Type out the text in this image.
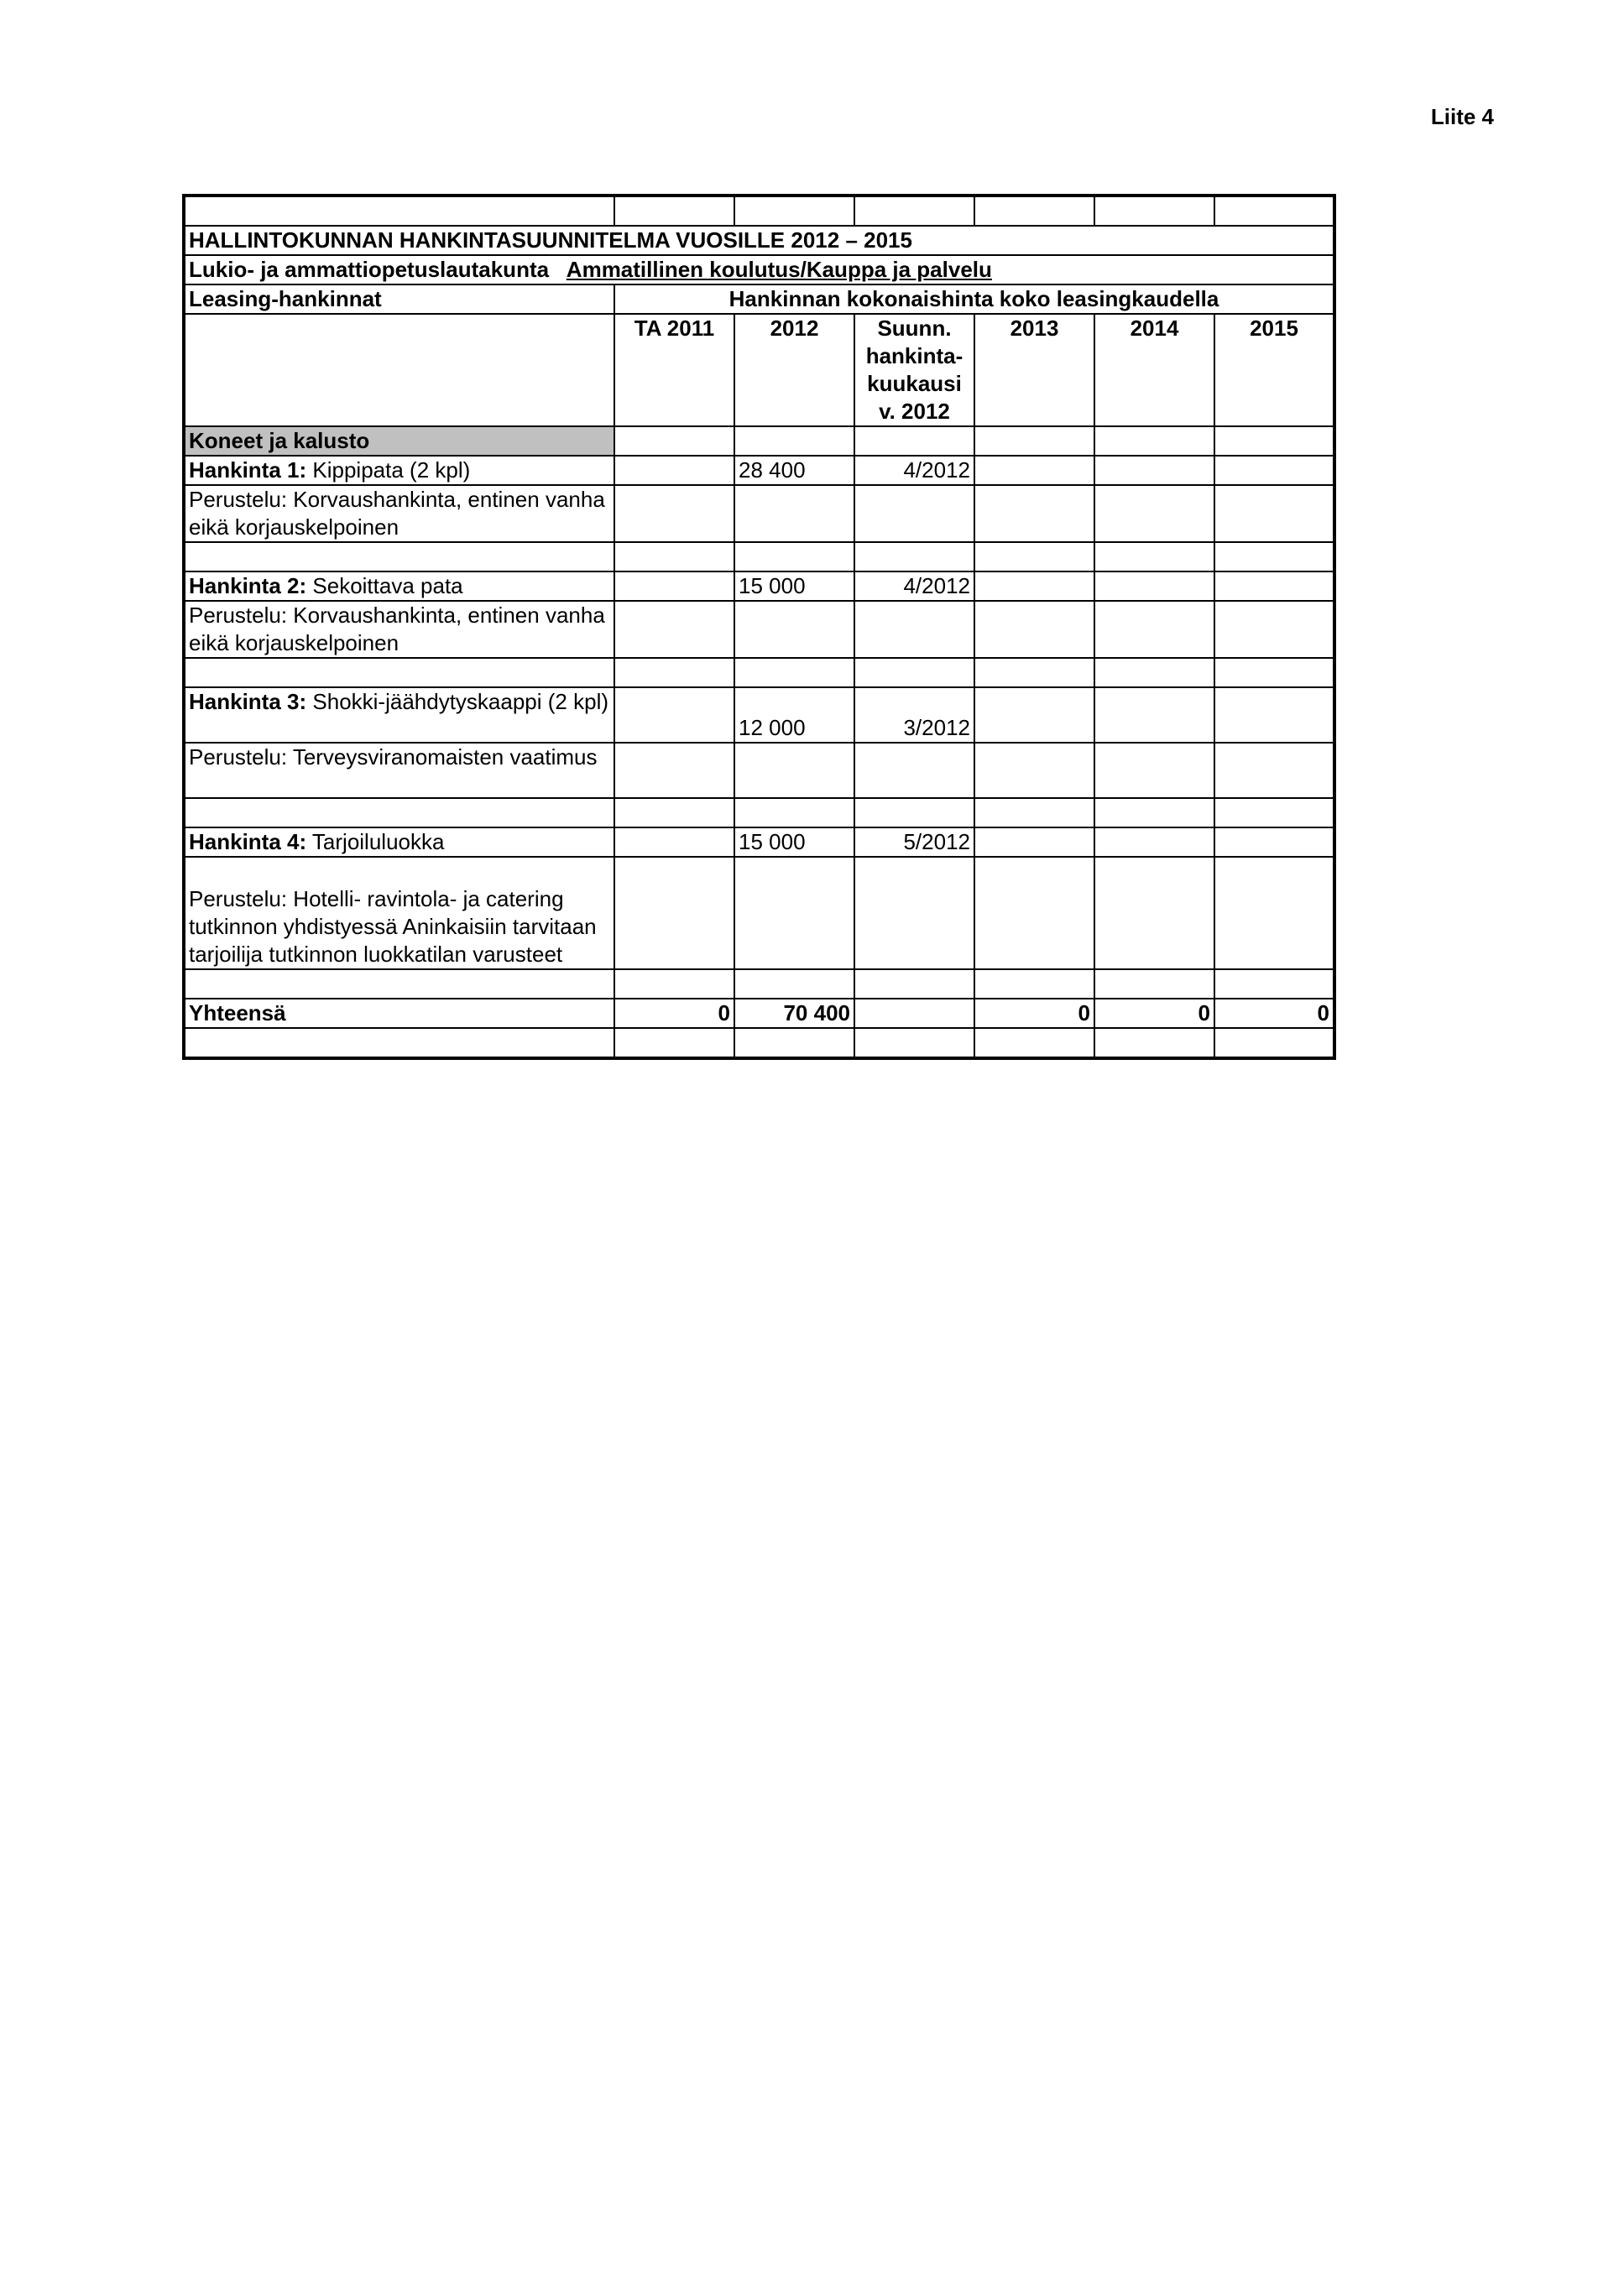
Liite 4

HALLINTOKUNNAN HANKINTASUUNNITELMA VUOSILLE 2012 – 2015						
Lukio- ja ammattiopetuslautakunta Ammatillinen koulutus/Kauppa ja palvelu						
Leasing-hankinnat	Hankinnan kokonaishinta koko leasingkaudella					
	TA 2011	2012	Suunn.
hankinta-
kuukausi
v. 2012	2013	2014	2015
Koneet ja kalusto						
Hankinta 1: Kippipata (2 kpl)		28 400	4/2012			
Perustelu: Korvaushankinta, entinen vanha eikä korjauskelpoinen						

Hankinta 2: Sekoittava pata		15 000	4/2012			
Perustelu: Korvaushankinta, entinen vanha eikä korjauskelpoinen						

Hankinta 3: Shokki-jäähdytyskaappi (2 kpl)		12 000	3/2012			
Perustelu: Terveysviranomaisten vaatimus						

Hankinta 4: Tarjoiluluokka		15 000	5/2012			
Perustelu: Hotelli- ravintola- ja catering tutkinnon yhdistyessä Aninkaisiin tarvitaan tarjoilija tutkinnon luokkatilan varusteet						

Yhteensä	0	70 400		0	0	0
